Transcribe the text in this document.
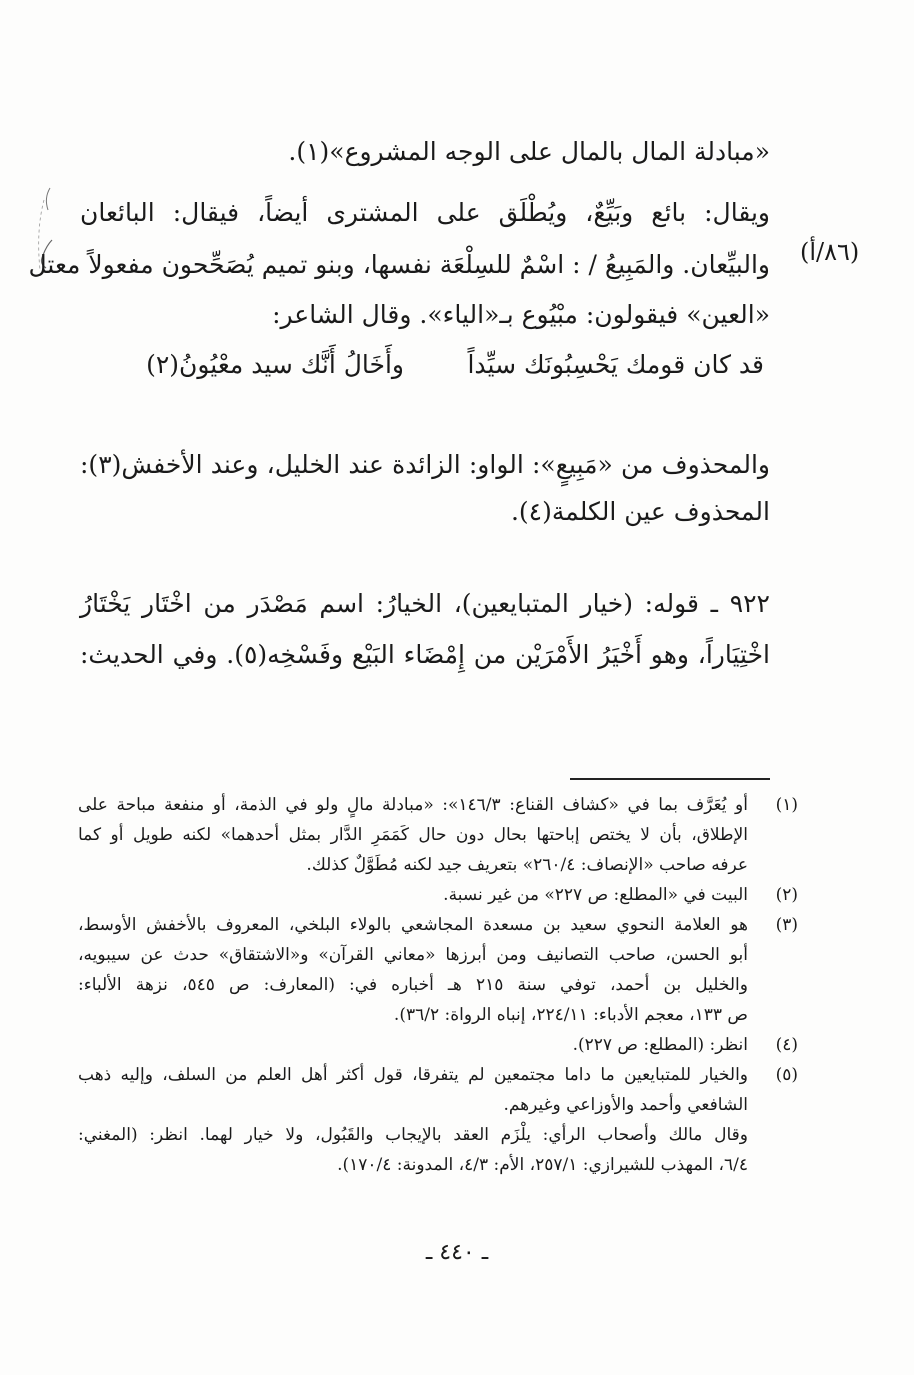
«مبادلة المال بالمال على الوجه المشروع»(١).
ويقال: بائع وبَيِّعٌ، ويُطْلَق على المشترى أيضاً، فيقال: البائعان
والبيِّعان. والمَبِيعُ / : اسْمٌ للسِلْعَة نفسها، وبنو تميم يُصَحِّحون مفعولاً معتل
«العين» فيقولون: مبْيُوع بـ«الياء». وقال الشاعر:
والمحذوف من «مَبِيعٍ»: الواو: الزائدة عند الخليل، وعند الأخفش(٣):
المحذوف عين الكلمة(٤).
٩٢٢ ـ قوله: (خيار المتبايعين)، الخيارُ: اسم مَصْدَر من اخْتَار يَخْتَارُ
اخْتِيَاراً، وهو أَخْيَرُ الأَمْرَيْن من إِمْضَاء البَيْع وفَسْخِه(٥). وفي الحديث:
(٨٦/أ)
قد كان قومك يَحْسِبُونَك سيِّداً
وأَخَالُ أَنَّك سيد معْيُونُ(٢)
(١)
أو يُعَرَّف بما في «كشاف القناع: ١٤٦/٣»: «مبادلة مالٍ ولو في الذمة، أو منفعة مباحة على
الإطلاق، بأن لا يختص إباحتها بحال دون حال كَمَمَرِ الدَّار بمثل أحدهما» لكنه طويل أو كما
عرفه صاحب «الإنصاف: ٢٦٠/٤» بتعريف جيد لكنه مُطَوَّلٌ كذلك.
(٢)
البيت في «المطلع: ص ٢٢٧» من غير نسبة.
(٣)
هو العلامة النحوي سعيد بن مسعدة المجاشعي بالولاء البلخي، المعروف بالأخفش الأوسط،
أبو الحسن، صاحب التصانيف ومن أبرزها «معاني القرآن» و«الاشتقاق» حدث عن سيبويه،
والخليل بن أحمد، توفي سنة ٢١٥ هـ أخباره في: (المعارف: ص ٥٤٥، نزهة الألباء:
ص ١٣٣، معجم الأدباء: ٢٢٤/١١، إنباه الرواة: ٣٦/٢).
(٤)
انظر: (المطلع: ص ٢٢٧).
(٥)
والخيار للمتبايعين ما داما مجتمعين لم يتفرقا، قول أكثر أهل العلم من السلف، وإليه ذهب
الشافعي وأحمد والأوزاعي وغيرهم.
وقال مالك وأصحاب الرأي: يلْزَم العقد بالإيجاب والقَبُول، ولا خيار لهما. انظر: (المغني:
٦/٤، المهذب للشيرازي: ٢٥٧/١، الأم: ٤/٣، المدونة: ١٧٠/٤).
ـ ٤٤٠ ـ
